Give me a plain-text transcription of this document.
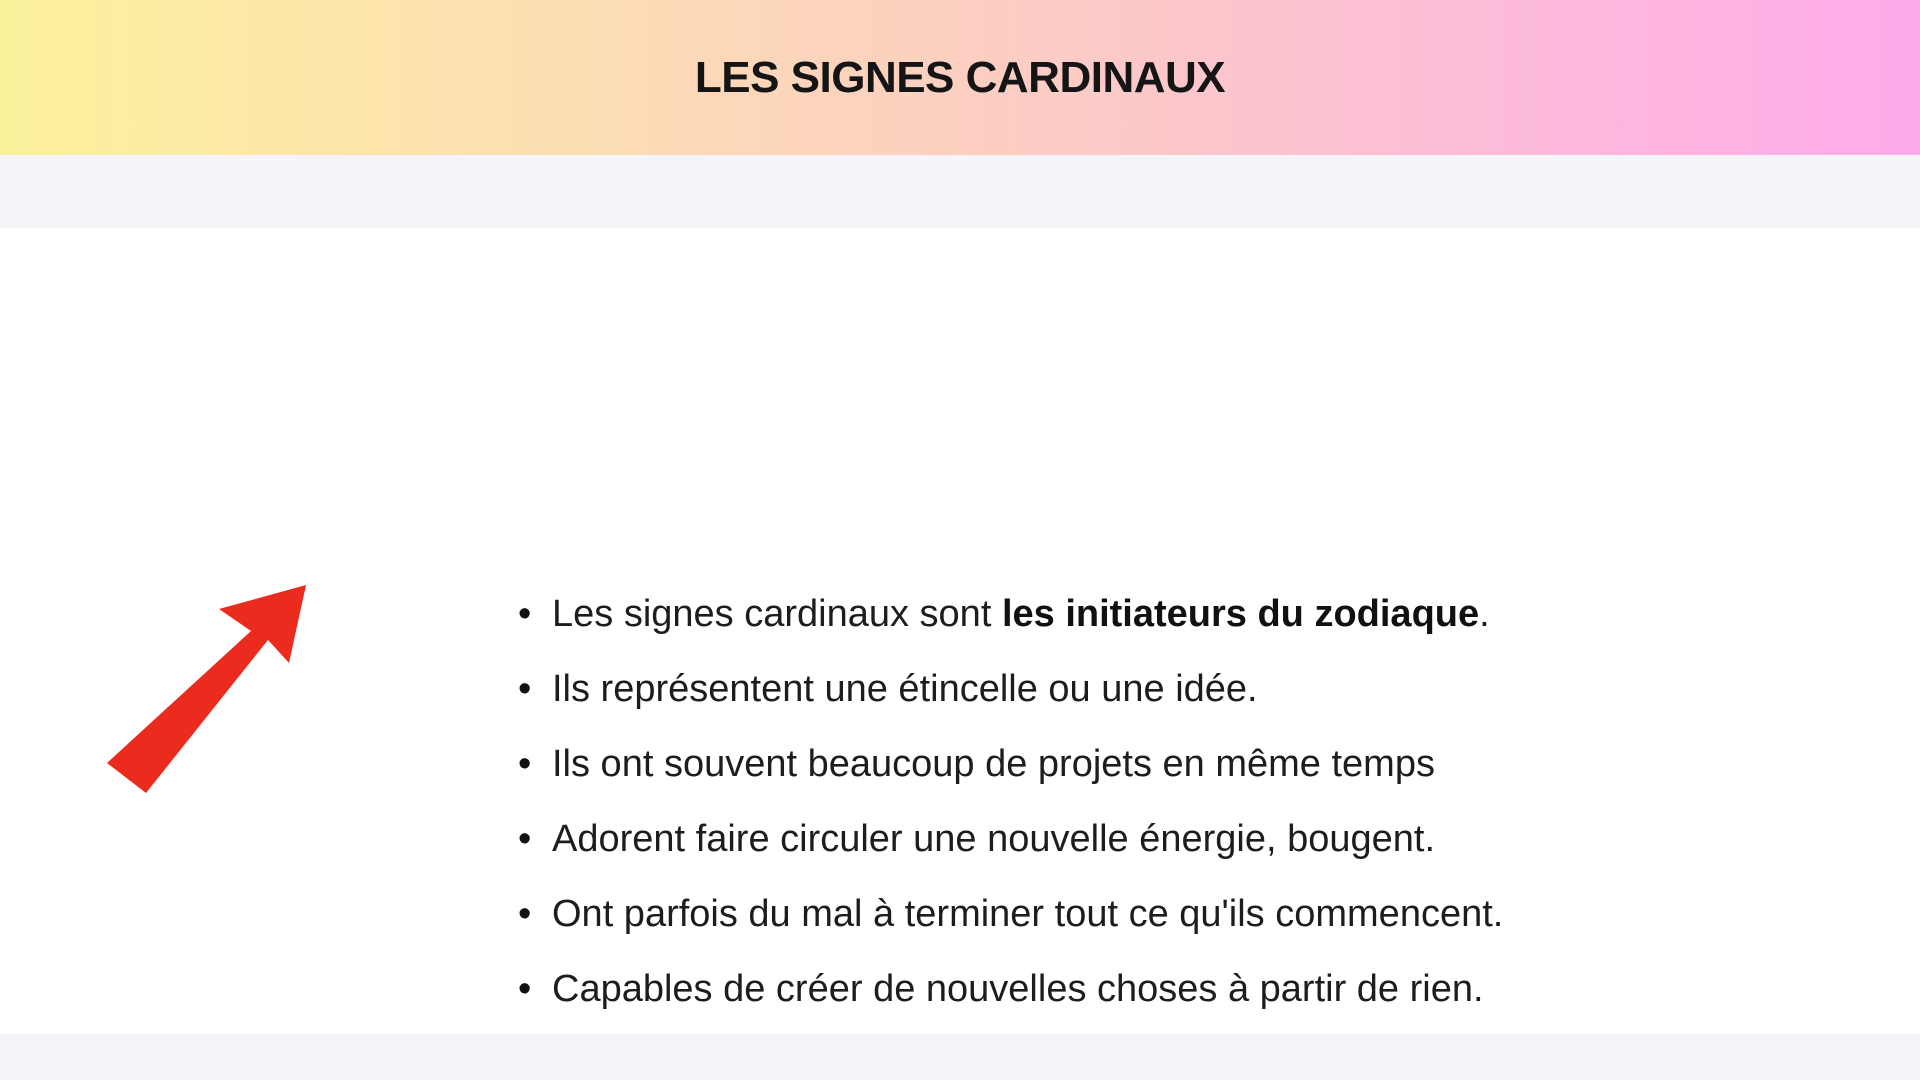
LES SIGNES CARDINAUX
• Les signes cardinaux sont les initiateurs du zodiaque.
• Ils représentent une étincelle ou une idée.
• Ils ont souvent beaucoup de projets en même temps
• Adorent faire circuler une nouvelle énergie, bougent.
• Ont parfois du mal à terminer tout ce qu'ils commencent.
• Capables de créer de nouvelles choses à partir de rien.
•
